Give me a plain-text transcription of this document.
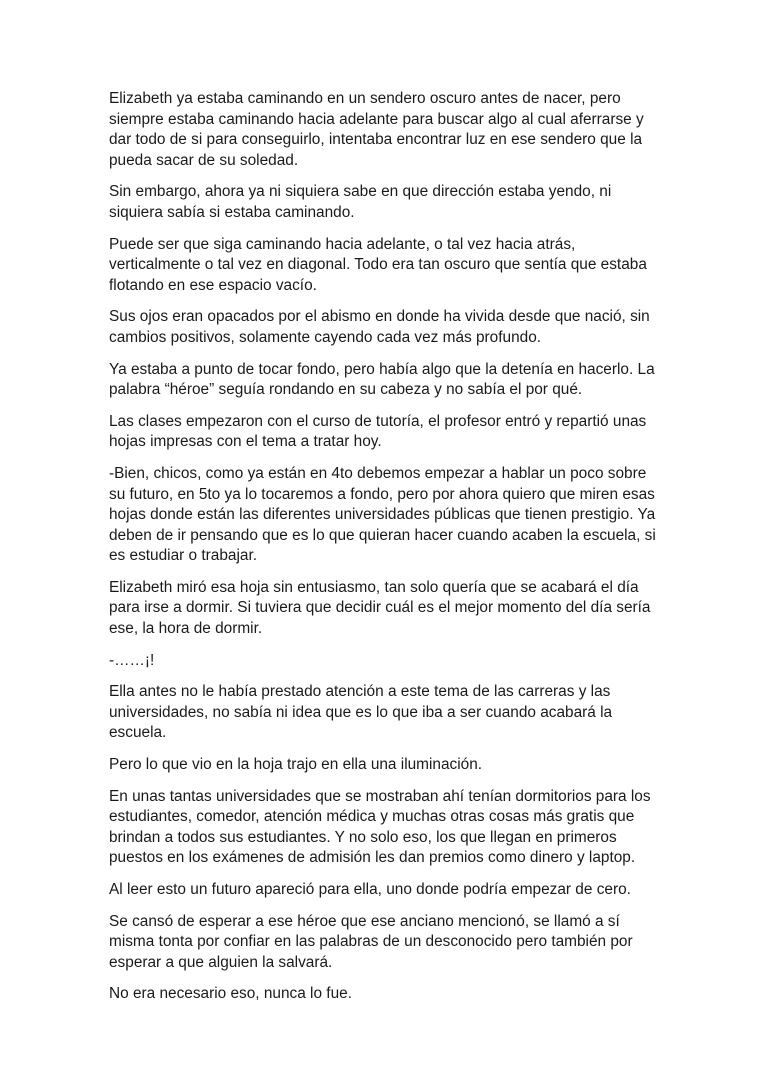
Elizabeth ya estaba caminando en un sendero oscuro antes de nacer, pero siempre estaba caminando hacia adelante para buscar algo al cual aferrarse y dar todo de si para conseguirlo, intentaba encontrar luz en ese sendero que la pueda sacar de su soledad.

Sin embargo, ahora ya ni siquiera sabe en que dirección estaba yendo, ni siquiera sabía si estaba caminando.

Puede ser que siga caminando hacia adelante, o tal vez hacia atrás, verticalmente o tal vez en diagonal. Todo era tan oscuro que sentía que estaba flotando en ese espacio vacío.

Sus ojos eran opacados por el abismo en donde ha vivida desde que nació, sin cambios positivos, solamente cayendo cada vez más profundo.

Ya estaba a punto de tocar fondo, pero había algo que la detenía en hacerlo. La palabra “héroe” seguía rondando en su cabeza y no sabía el por qué.

Las clases empezaron con el curso de tutoría, el profesor entró y repartió unas hojas impresas con el tema a tratar hoy.

-Bien, chicos, como ya están en 4to debemos empezar a hablar un poco sobre su futuro, en 5to ya lo tocaremos a fondo, pero por ahora quiero que miren esas hojas donde están las diferentes universidades públicas que tienen prestigio. Ya deben de ir pensando que es lo que quieran hacer cuando acaben la escuela, si es estudiar o trabajar.

Elizabeth miró esa hoja sin entusiasmo, tan solo quería que se acabará el día para irse a dormir. Si tuviera que decidir cuál es el mejor momento del día sería ese, la hora de dormir.

-……¡!

Ella antes no le había prestado atención a este tema de las carreras y las universidades, no sabía ni idea que es lo que iba a ser cuando acabará la escuela.

Pero lo que vio en la hoja trajo en ella una iluminación.

En unas tantas universidades que se mostraban ahí tenían dormitorios para los estudiantes, comedor, atención médica y muchas otras cosas más gratis que brindan a todos sus estudiantes. Y no solo eso, los que llegan en primeros puestos en los exámenes de admisión les dan premios como dinero y laptop.

Al leer esto un futuro apareció para ella, uno donde podría empezar de cero.

Se cansó de esperar a ese héroe que ese anciano mencionó, se llamó a sí misma tonta por confiar en las palabras de un desconocido pero también por esperar a que alguien la salvará.

No era necesario eso, nunca lo fue.
